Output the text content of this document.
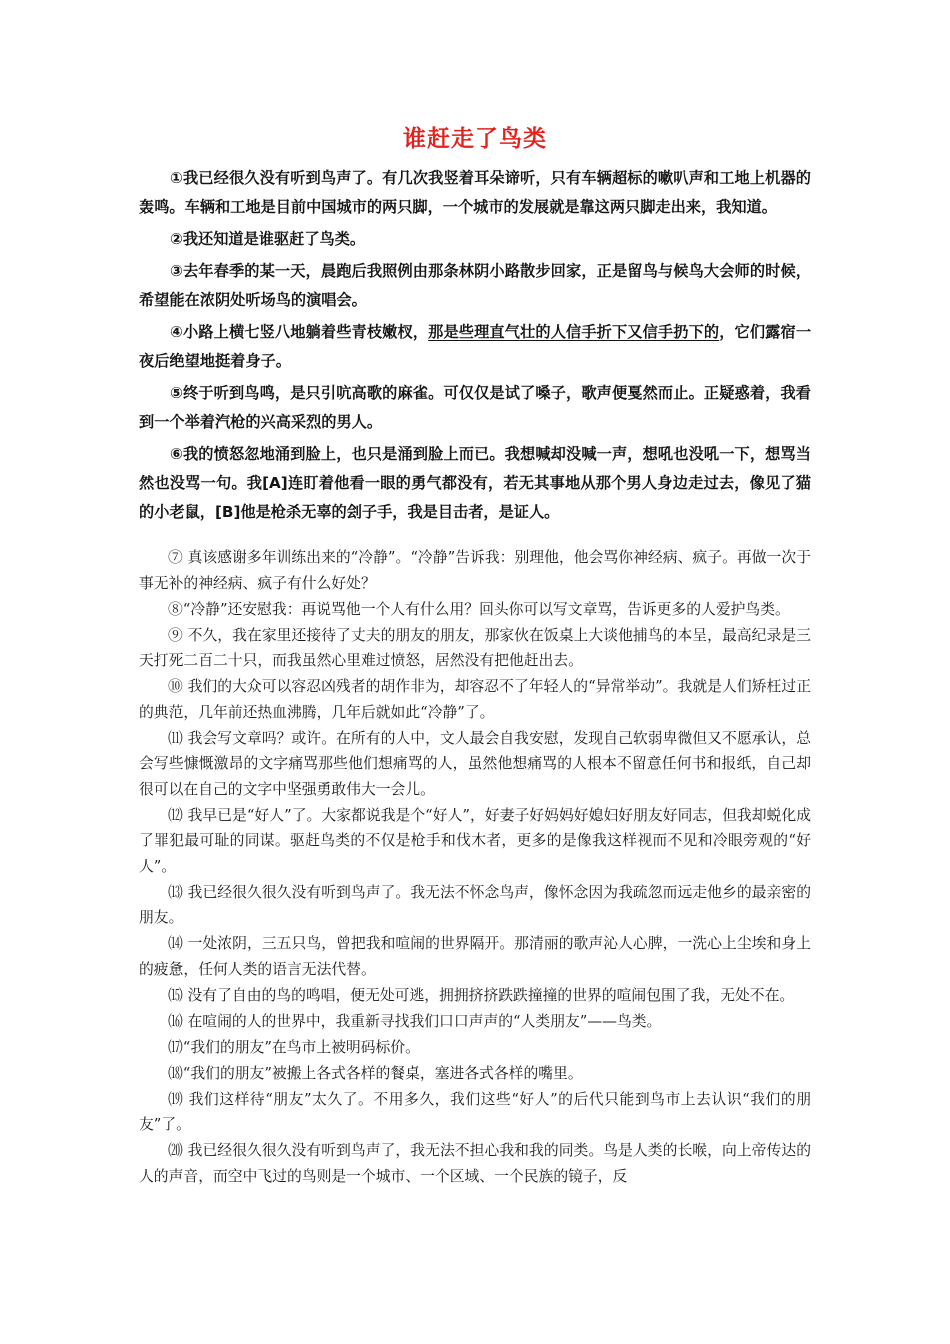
谁赶走了鸟类

①我已经很久没有听到鸟声了。有几次我竖着耳朵谛听，只有车辆超标的嗽叭声和工地上机器的轰鸣。车辆和工地是目前中国城市的两只脚，一个城市的发展就是靠这两只脚走出来，我知道。

②我还知道是谁驱赶了鸟类。

③去年春季的某一天，晨跑后我照例由那条林阴小路散步回家，正是留鸟与候鸟大会师的时候，希望能在浓阴处听场鸟的演唱会。

④小路上横七竖八地躺着些青枝嫩杈，那是些理直气壮的人信手折下又信手扔下的，它们露宿一夜后绝望地挺着身子。

⑤终于听到鸟鸣，是只引吭高歌的麻雀。可仅仅是试了嗓子，歌声便戛然而止。正疑惑着，我看到一个举着汽枪的兴高采烈的男人。

⑥我的愤怒忽地涌到脸上，也只是涌到脸上而已。我想喊却没喊一声，想吼也没吼一下，想骂当然也没骂一句。我[A]连盯着他看一眼的勇气都没有，若无其事地从那个男人身边走过去，像见了猫的小老鼠，[B]他是枪杀无辜的刽子手，我是目击者，是证人。

⑦ 真该感谢多年训练出来的“冷静”。“冷静”告诉我：别理他，他会骂你神经病、疯子。再做一次于事无补的神经病、疯子有什么好处？

⑧“冷静”还安慰我：再说骂他一个人有什么用？回头你可以写文章骂，告诉更多的人爱护鸟类。

⑨ 不久，我在家里还接待了丈夫的朋友的朋友，那家伙在饭桌上大谈他捕鸟的本呈，最高纪录是三天打死二百二十只，而我虽然心里难过愤怒，居然没有把他赶出去。

⑩ 我们的大众可以容忍凶残者的胡作非为，却容忍不了年轻人的“异常举动”。我就是人们矫枉过正的典范，几年前还热血沸腾，几年后就如此“冷静”了。

⑾ 我会写文章吗？或许。在所有的人中，文人最会自我安慰，发现自己软弱卑微但又不愿承认，总会写些慷慨激昂的文字痛骂那些他们想痛骂的人，虽然他想痛骂的人根本不留意任何书和报纸，自己却很可以在自己的文字中坚强勇敢伟大一会儿。

⑿ 我早已是“好人”了。大家都说我是个“好人”，好妻子好妈妈好媳妇好朋友好同志，但我却蜕化成了罪犯最可耻的同谋。驱赶鸟类的不仅是枪手和伐木者，更多的是像我这样视而不见和冷眼旁观的“好人”。

⒀ 我已经很久很久没有听到鸟声了。我无法不怀念鸟声，像怀念因为我疏忽而远走他乡的最亲密的朋友。

⒁ 一处浓阴，三五只鸟，曾把我和喧闹的世界隔开。那清丽的歌声沁人心脾，一洗心上尘埃和身上的疲惫，任何人类的语言无法代替。

⒂ 没有了自由的鸟的鸣唱，便无处可逃，拥拥挤挤跌跌撞撞的世界的喧闹包围了我，无处不在。

⒃ 在喧闹的人的世界中，我重新寻找我们口口声声的“人类朋友”——鸟类。

⒄“我们的朋友”在鸟市上被明码标价。

⒅“我们的朋友”被搬上各式各样的餐桌，塞进各式各样的嘴里。

⒆ 我们这样待“朋友”太久了。不用多久，我们这些“好人”的后代只能到鸟市上去认识“我们的朋友”了。

⒇ 我已经很久很久没有听到鸟声了，我无法不担心我和我的同类。鸟是人类的长喉，向上帝传达的人的声音，而空中飞过的鸟则是一个城市、一个区域、一个民族的镜子，反
